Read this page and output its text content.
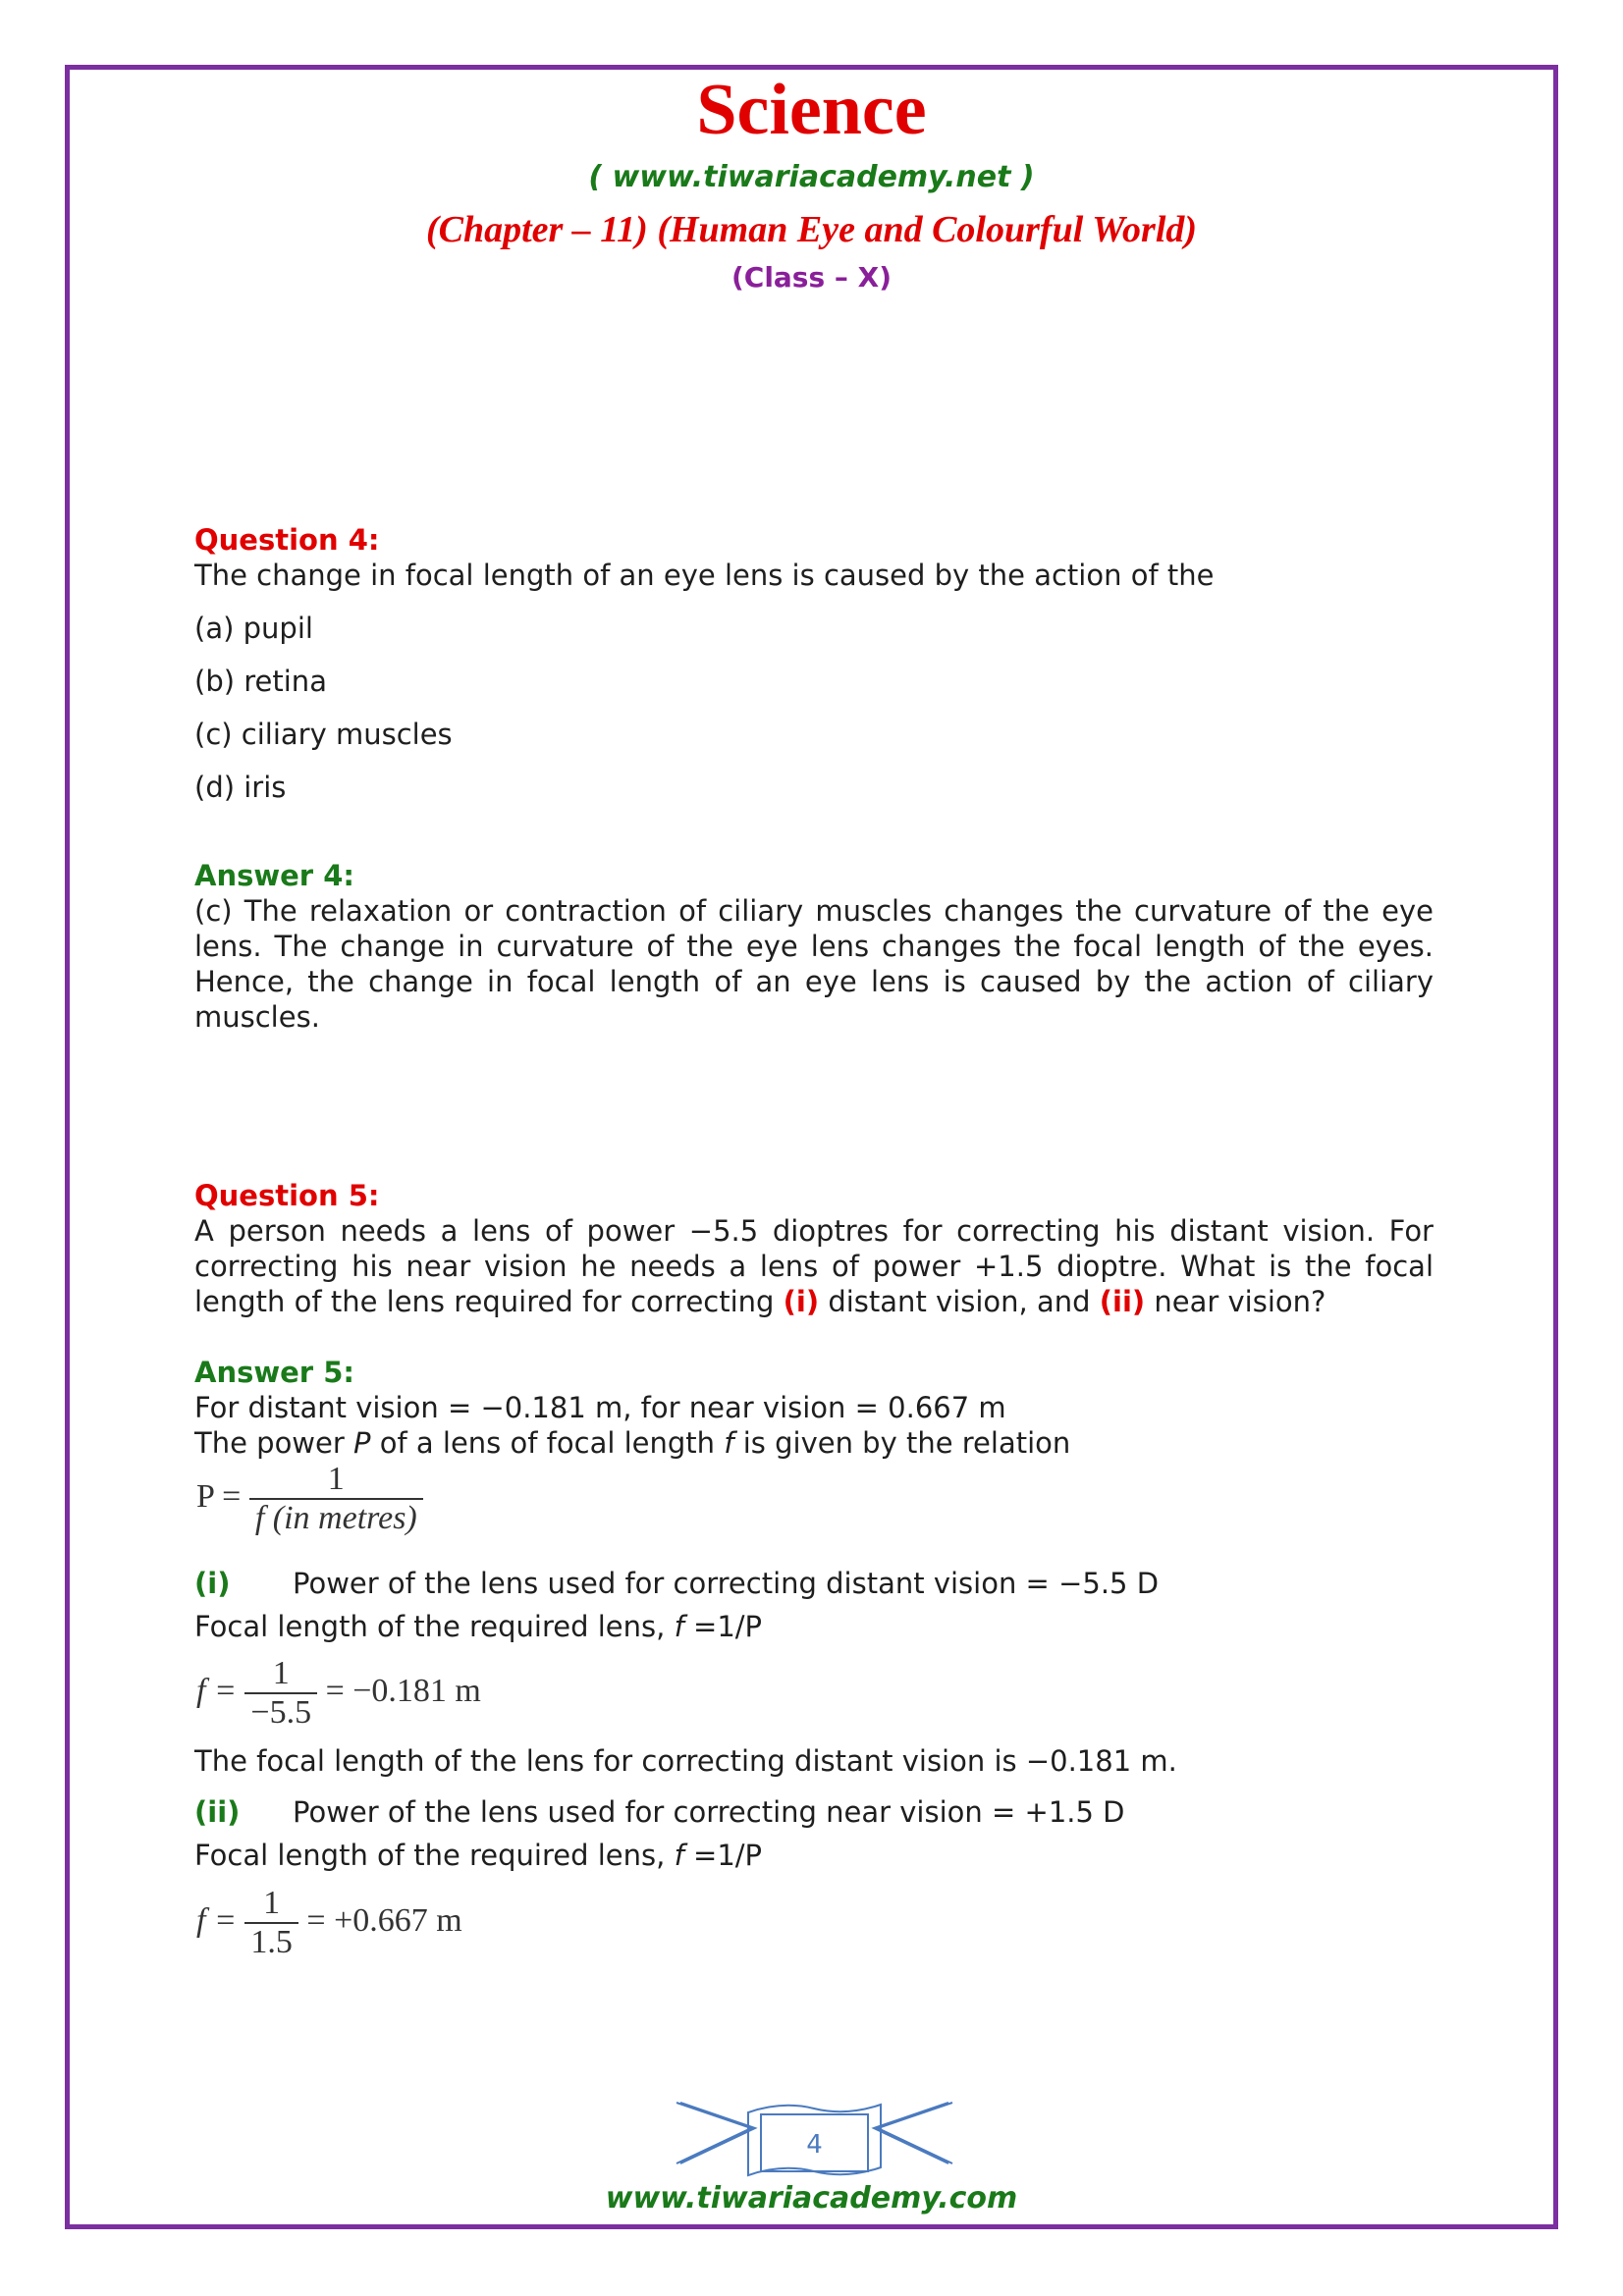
Science
( www.tiwariacademy.net )
(Chapter – 11) (Human Eye and Colourful World)
(Class – X)

Question 4:

The change in focal length of an eye lens is caused by the action of the

(a) pupil

(b) retina

(c) ciliary muscles

(d) iris

Answer 4:

(c) The relaxation or contraction of ciliary muscles changes the curvature of the eye lens. The change in curvature of the eye lens changes the focal length of the eyes. Hence, the change in focal length of an eye lens is caused by the action of ciliary muscles.

Question 5:

A person needs a lens of power −5.5 dioptres for correcting his distant vision. For correcting his near vision he needs a lens of power +1.5 dioptre. What is the focal length of the lens required for correcting (i) distant vision, and (ii) near vision?

Answer 5:

For distant vision = −0.181 m, for near vision = 0.667 m

The power P of a lens of focal length f is given by the relation

$P = \frac{1}{\text{f (in metres)}}$

(i) Power of the lens used for correcting distant vision = −5.5 D

Focal length of the required lens, f =1/P

$f = \frac{1}{-5.5} = -0.181$ m

The focal length of the lens for correcting distant vision is −0.181 m.

(ii) Power of the lens used for correcting near vision = +1.5 D

Focal length of the required lens, f =1/P

$f = \frac{1}{1.5} = +0.667$ m
4
www.tiwariacademy.com
